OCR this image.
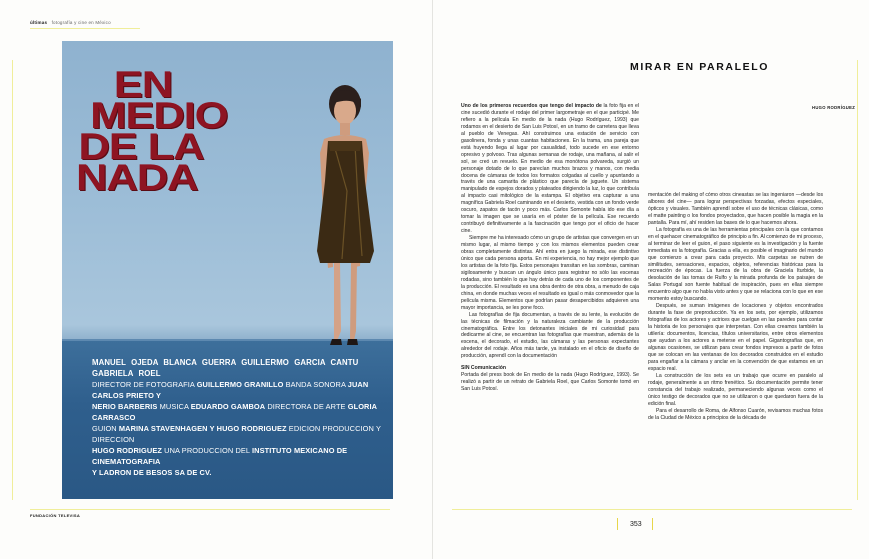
últimas fotografía y cine en México
EN
MEDIO
DE LA
NADA
MANUEL OJEDA BLANCA GUERRA GUILLERMO GARCIA CANTU GABRIELA ROEL
DIRECTOR DE FOTOGRAFIA GUILLERMO GRANILLO BANDA SONORA JUAN CARLOS PRIETO Y
NERIO BARBERIS MUSICA EDUARDO GAMBOA DIRECTORA DE ARTE GLORIA CARRASCO
GUION MARINA STAVENHAGEN Y HUGO RODRIGUEZ EDICION PRODUCCION Y DIRECCION
HUGO RODRIGUEZ UNA PRODUCCION DEL INSTITUTO MEXICANO DE CINEMATOGRAFIA
Y LADRON DE BESOS SA DE CV.
FUNDACIÓN TELEVISA
MIRAR EN PARALELO
HUGO RODRÍGUEZ

Uno de los primeros recuerdos que tengo del impacto de la foto fija en el cine sucedió durante el rodaje del primer largometraje en el que participé. Me refiero a la película En medio de la nada (Hugo Rodríguez, 1993) que rodamos en el desierto de San Luis Potosí, en un tramo de carretera que lleva al pueblo de Venegas. Ahí construimos una estación de servicio con gasolinera, fonda y unas cuantas habitaciones. En la trama, una pareja que está huyendo llega al lugar por casualidad, todo sucede en ese entorno opresivo y polvoso. Tras algunas semanas de rodaje, una mañana, al salir el sol, se creó un revuelo. En medio de esa monótona polvareda, surgió un personaje dotado de lo que parecían muchos brazos y manos, con media docena de cámaras de todos los formatos colgadas al cuello y apuntando a través de una camarita de plástico que parecía de juguete. Un sistema manipulado de espejos dorados y plateados dirigiendo la luz, lo que contribuía al impacto casi mitológico de la estampa. El objetivo era capturar a una magnífica Gabriela Roel caminando en el desierto, vestida con un fondo verde oscuro, zapatos de tacón y poco más. Carlos Somonte había ido ese día a tomar la imagen que se usaría en el póster de la película. Ese recuerdo contribuyó definitivamente a la fascinación que tengo por el oficio de hacer cine.

Siempre me ha interesado cómo un grupo de artistas que convergen en un mismo lugar, al mismo tiempo y con los mismos elementos pueden crear obras completamente distintas. Ahí entra en juego la mirada, ese distintivo único que cada persona aporta. En mi experiencia, no hay mejor ejemplo que los artistas de la foto fija. Estos personajes transitan en las sombras, caminan sigilosamente y buscan un ángulo único para registrar no sólo las escenas rodadas, sino también lo que hay detrás de cada uno de los componentes de la producción. El resultado es una obra dentro de otra obra, a menudo de caja china, en donde muchas veces el resultado es igual o más conmovedor que la película misma. Elementos que podrían pasar desapercibidos adquieren una mayor importancia, se les pone foco.

Las fotografías de fija documentan, a través de su lente, la evolución de las técnicas de filmación y la naturaleza cambiante de la producción cinematográfica. Entre los detonantes iniciales de mi curiosidad para dedicarme al cine, se encuentran las fotografías que muestran, además de la escena, el decorado, el estudio, las cámaras y las personas expectantes alrededor del rodaje. Años más tarde, ya instalado en el oficio de diseño de producción, aprendí con la documentación

SIN Comunicación

Portada del press book de En medio de la nada (Hugo Rodríguez, 1993). Se realizó a partir de un retrato de Gabriela Roel, que Carlos Somonte tomó en San Luis Potosí.

mentación del making of cómo otros cineastas se las ingeniaron —desde los albores del cine— para lograr perspectivas forzadas, efectos especiales, ópticos y visuales. También aprendí sobre el uso de técnicas clásicas, como el matte painting o los fondos proyectados, que hacen posible la magia en la pantalla. Para mí, ahí residen las bases de lo que hacemos ahora.

La fotografía es una de las herramientas principales con la que contamos en el quehacer cinematográfico de principio a fin. Al comienzo de mi proceso, al terminar de leer el guion, el paso siguiente es la investigación y la fuente inmediata es la fotografía. Gracias a ella, es posible el imaginario del mundo que comienzo a crear para cada proyecto. Mis carpetas se nutren de similitudes, sensaciones, espacios, objetos, referencias históricas para la recreación de épocas. La fuerza de la obra de Graciela Iturbide, la desolación de las tomas de Rulfo y la mirada profunda de los paisajes de Salas Portugal son fuente habitual de inspiración, pues en ellas siempre encuentro algo que no había visto antes y que se relaciona con lo que en ese momento estoy buscando.

Después, se suman imágenes de locaciones y objetos encontrados durante la fase de preproducción. Ya en los sets, por ejemplo, utilizamos fotografías de los actores y actrices que cuelgan en las paredes para contar la historia de los personajes que interpretan. Con ellas creamos también la utilería: documentos, licencias, títulos universitarios, entre otros elementos que ayudan a los actores a meterse en el papel. Gigantografías que, en algunas ocasiones, se utilizan para crear fondos impresos a partir de fotos que se colocan en las ventanas de los decorados construidos en el estudio para engañar a la cámara y anclar en la convención de que estamos en un espacio real.

La construcción de los sets es un trabajo que ocurre en paralelo al rodaje, generalmente a un ritmo frenético. Su documentación permite tener constancia del trabajo realizado, permaneciendo algunas veces como el único testigo de decorados que no se utilizaron o que quedaron fuera de la edición final.

Para el desarrollo de Roma, de Alfonso Cuarón, revisamos muchas fotos de la Ciudad de México a principios de la década de

353
